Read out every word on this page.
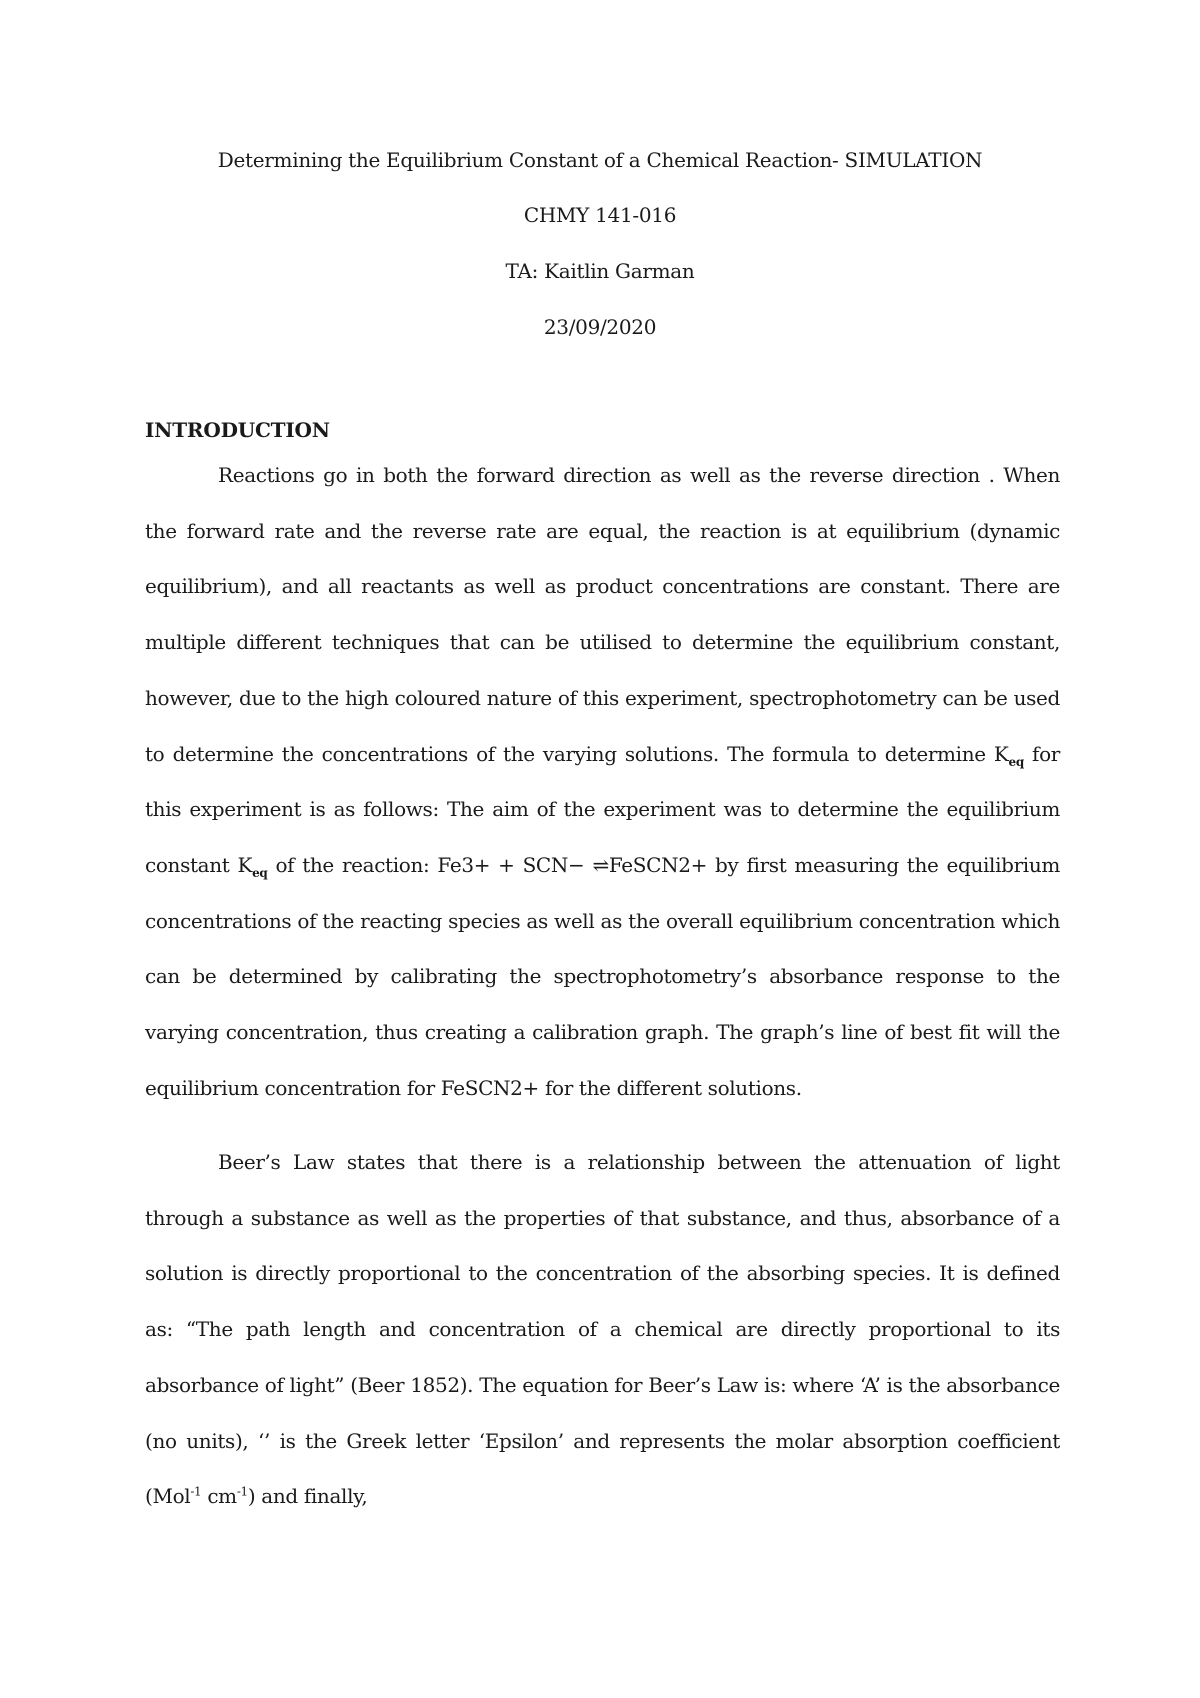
Determining the Equilibrium Constant of a Chemical Reaction- SIMULATION
CHMY 141-016
TA: Kaitlin Garman
23/09/2020
INTRODUCTION

Reactions go in both the forward direction as well as the reverse direction . When the forward rate and the reverse rate are equal, the reaction is at equilibrium (dynamic equilibrium), and all reactants as well as product concentrations are constant. There are multiple different techniques that can be utilised to determine the equilibrium constant, however, due to the high coloured nature of this experiment, spectrophotometry can be used to determine the concentrations of the varying solutions. The formula to determine $K_{eq}$ for this experiment is as follows: The aim of the experiment was to determine the equilibrium constant $K_{eq}$ of the reaction: Fe3+ + SCN− ⇌FeSCN2+ by first measuring the equilibrium concentrations of the reacting species as well as the overall equilibrium concentration which can be determined by calibrating the spectrophotometry’s absorbance response to the varying concentration, thus creating a calibration graph. The graph’s line of best fit will the equilibrium concentration for FeSCN2+ for the different solutions.

Beer’s Law states that there is a relationship between the attenuation of light through a substance as well as the properties of that substance, and thus, absorbance of a solution is directly proportional to the concentration of the absorbing species. It is defined as: “The path length and concentration of a chemical are directly proportional to its absorbance of light” (Beer 1852). The equation for Beer’s Law is: where ‘A’ is the absorbance (no units), ‘’ is the Greek letter ‘Epsilon’ and represents the molar absorption coefficient (Mol$^{-1}$ $cm^{-1}$) and finally,
